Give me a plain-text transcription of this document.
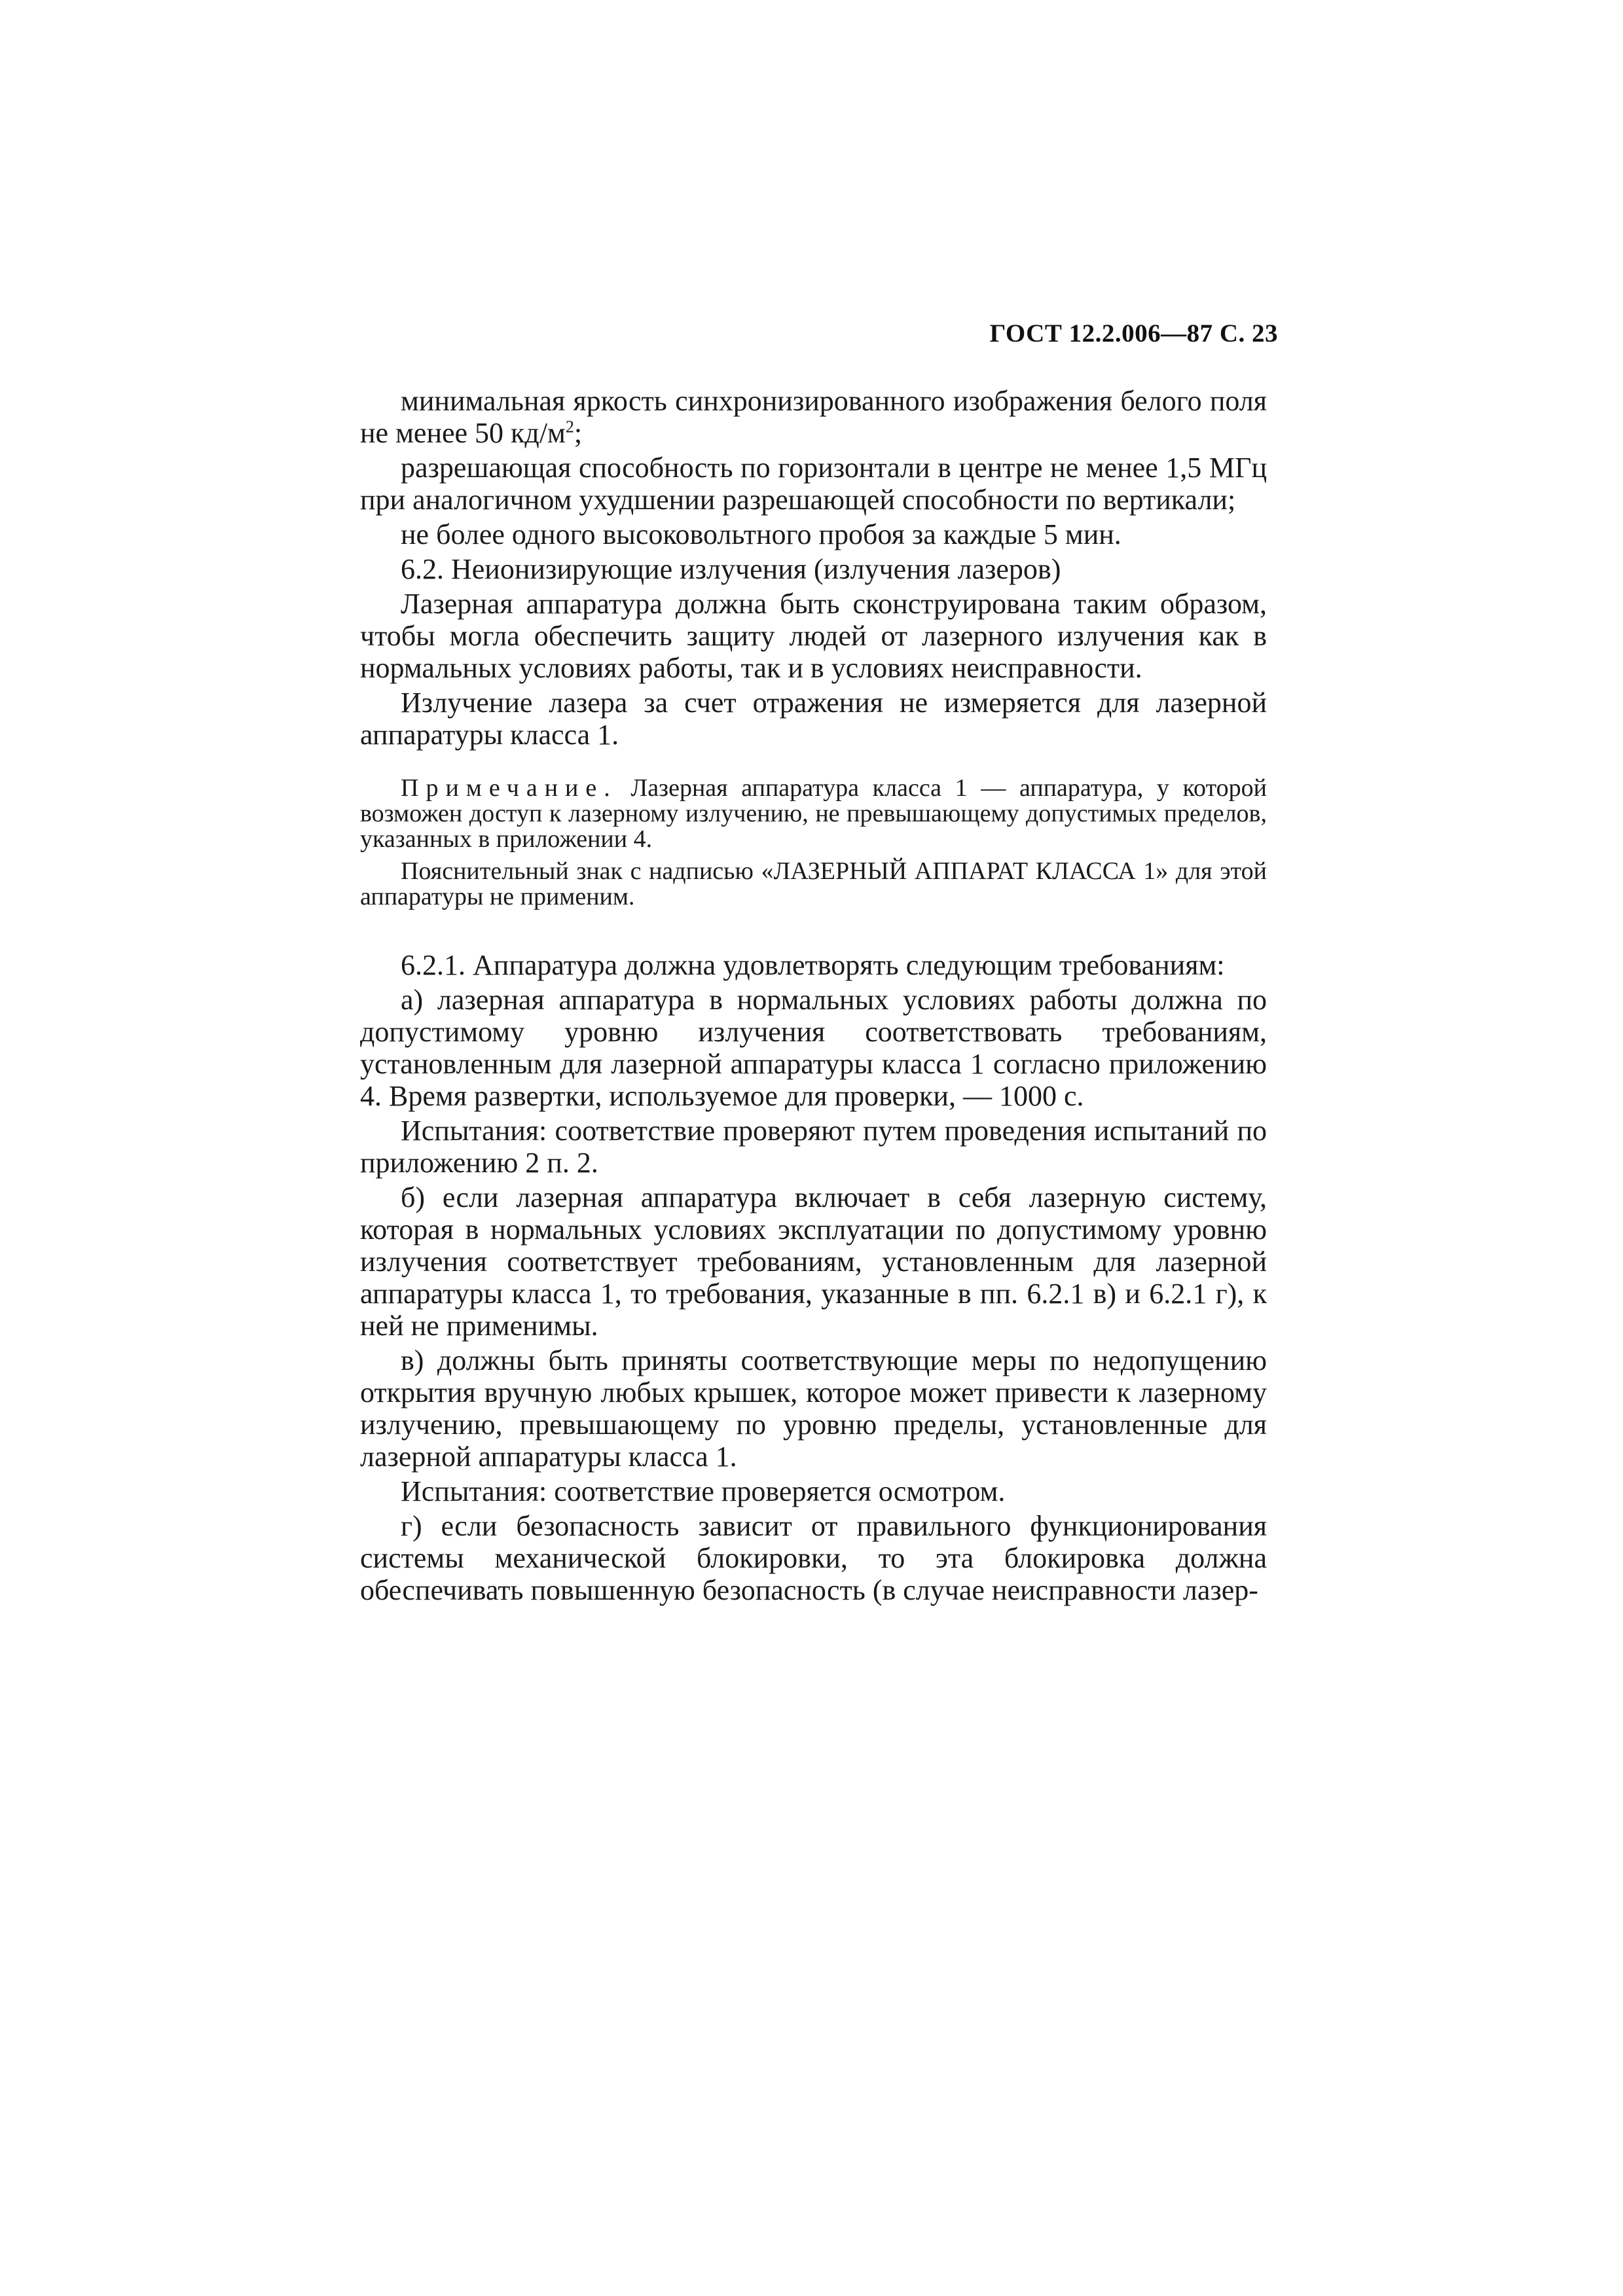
ГОСТ 12.2.006—87 С. 23

минимальная яркость синхронизированного изображения белого поля не менее 50 $кд/м^2$;

разрешающая способность по горизонтали в центре не менее 1,5 МГц при аналогичном ухудшении разрешающей способности по вертикали;

не более одного высоковольтного пробоя за каждые 5 мин.

6.2. Неионизирующие излучения (излучения лазеров)

Лазерная аппаратура должна быть сконструирована таким образом, чтобы могла обеспечить защиту людей от лазерного излучения как в нормальных условиях работы, так и в условиях неисправности.

Излучение лазера за счет отражения не измеряется для лазерной аппаратуры класса 1.

Примечание. Лазерная аппаратура класса 1 — аппаратура, у которой возможен доступ к лазерному излучению, не превышающему допустимых пределов, указанных в приложении 4.

Пояснительный знак с надписью «ЛАЗЕРНЫЙ АППАРАТ КЛАССА 1» для этой аппаратуры не применим.

6.2.1. Аппаратура должна удовлетворять следующим требованиям:

а) лазерная аппаратура в нормальных условиях работы должна по допустимому уровню излучения соответствовать требованиям, установленным для лазерной аппаратуры класса 1 согласно приложению 4. Время развертки, используемое для проверки, — 1000 с.

Испытания: соответствие проверяют путем проведения испытаний по приложению 2 п. 2.

б) если лазерная аппаратура включает в себя лазерную систему, которая в нормальных условиях эксплуатации по допустимому уровню излучения соответствует требованиям, установленным для лазерной аппаратуры класса 1, то требования, указанные в пп. 6.2.1 в) и 6.2.1 г), к ней не применимы.

в) должны быть приняты соответствующие меры по недопущению открытия вручную любых крышек, которое может привести к лазерному излучению, превышающему по уровню пределы, установленные для лазерной аппаратуры класса 1.

Испытания: соответствие проверяется осмотром.

г) если безопасность зависит от правильного функционирования системы механической блокировки, то эта блокировка должна обеспечивать повышенную безопасность (в случае неисправности лазер-
